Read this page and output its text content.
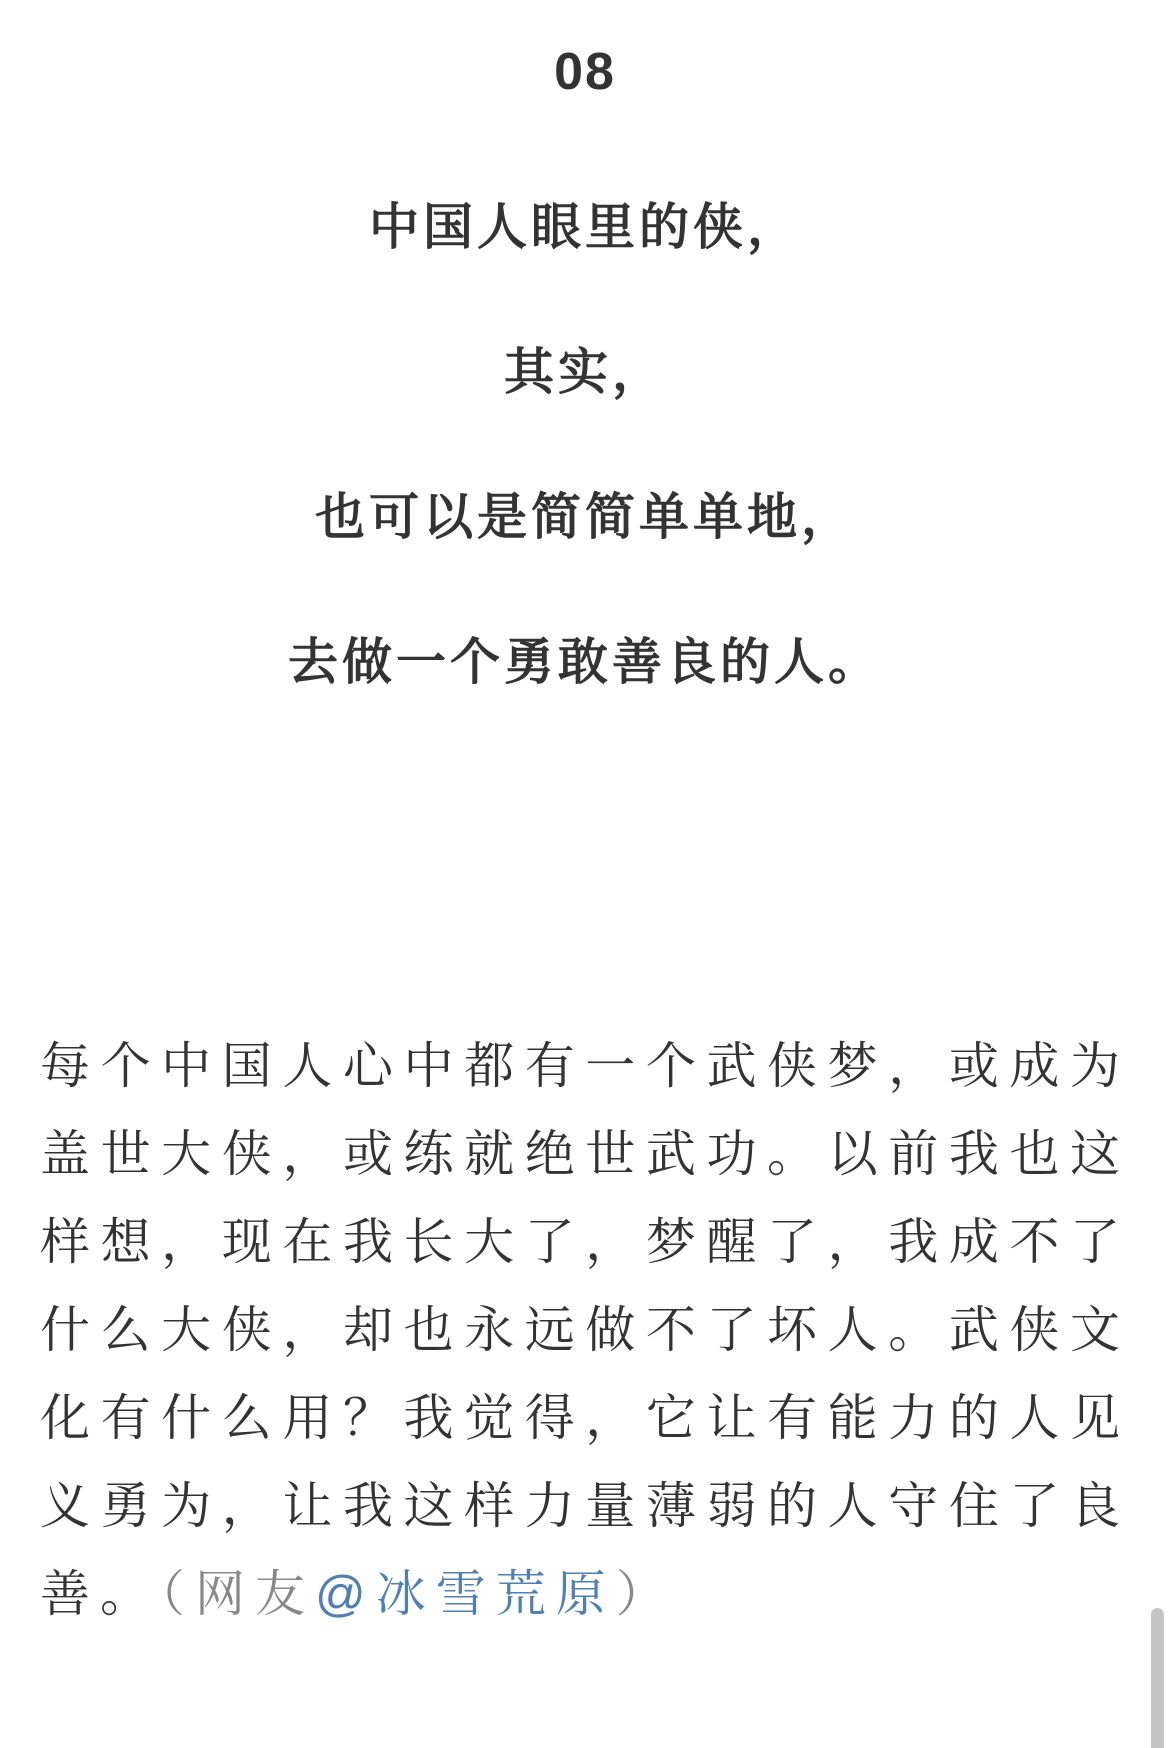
08
中国人眼里的侠，
其实，
也可以是简简单单地，
去做一个勇敢善良的人。
每个中国人心中都有一个武侠梦，或成为
盖世大侠，或练就绝世武功。以前我也这
样想，现在我长大了，梦醒了，我成不了
什么大侠，却也永远做不了坏人。武侠文
化有什么用？我觉得，它让有能力的人见
义勇为，让我这样力量薄弱的人守住了良
善。（网友@冰雪荒原）
